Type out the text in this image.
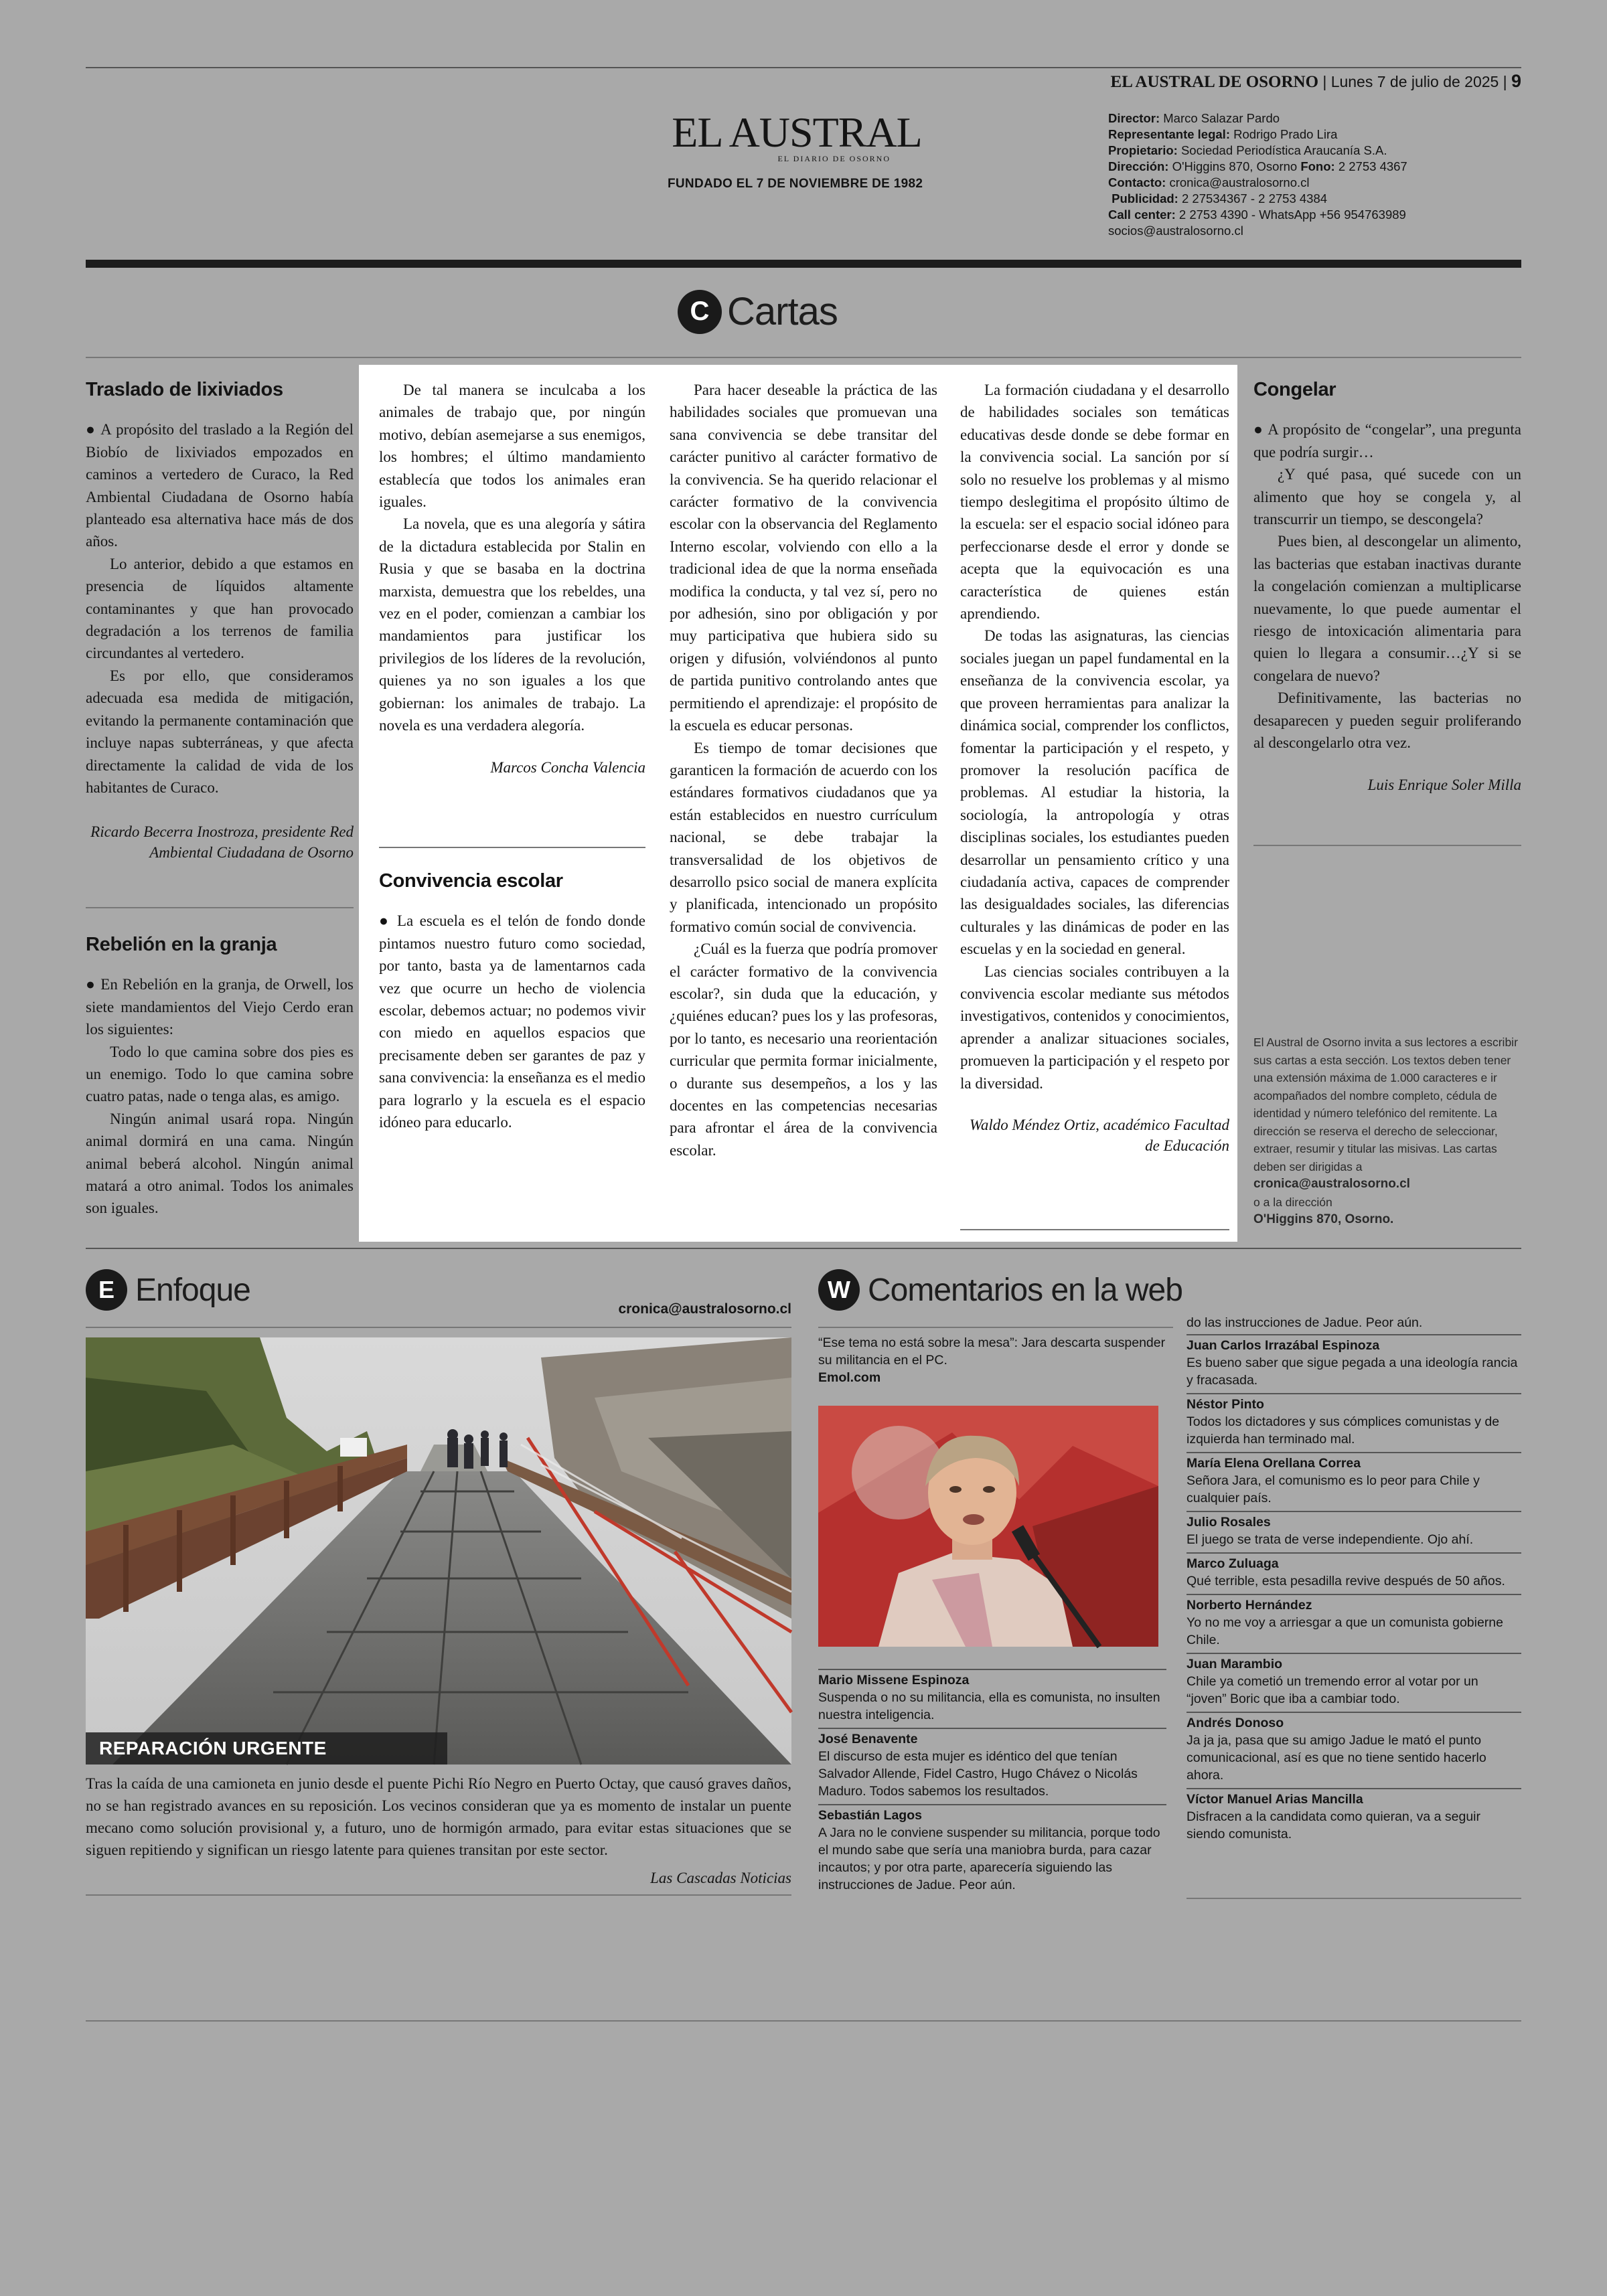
EL AUSTRAL DE OSORNO | Lunes 7 de julio de 2025 | 9
EL AUSTRAL
EL DIARIO DE OSORNO
FUNDADO EL 7 DE NOVIEMBRE DE 1982
Director: Marco Salazar Pardo
Representante legal: Rodrigo Prado Lira
Propietario: Sociedad Periodística Araucanía S.A.
Dirección: O'Higgins 870, Osorno Fono: 2 2753 4367
Contacto: cronica@australosorno.cl
Publicidad: 2 27534367 - 2 2753 4384
Call center: 2 2753 4390 - WhatsApp +56 954763989
socios@australosorno.cl
C Cartas
Traslado de lixiviados

● A propósito del traslado a la Región del Biobío de lixiviados empozados en caminos a vertedero de Curaco, la Red Ambiental Ciudadana de Osorno había planteado esa alternativa hace más de dos años.

Lo anterior, debido a que estamos en presencia de líquidos altamente contaminantes y que han provocado degradación a los terrenos de familia circundantes al vertedero.

Es por ello, que consideramos adecuada esa medida de mitigación, evitando la permanente contaminación que incluye napas subterráneas, y que afecta directamente la calidad de vida de los habitantes de Curaco.

Ricardo Becerra Inostroza, presidente Red Ambiental Ciudadana de Osorno
Rebelión en la granja

● En Rebelión en la granja, de Orwell, los siete mandamientos del Viejo Cerdo eran los siguientes:

Todo lo que camina sobre dos pies es un enemigo. Todo lo que camina sobre cuatro patas, nade o tenga alas, es amigo.

Ningún animal usará ropa. Ningún animal dormirá en una cama. Ningún animal beberá alcohol. Ningún animal matará a otro animal. Todos los animales son iguales.

De tal manera se inculcaba a los animales de trabajo que, por ningún motivo, debían asemejarse a sus enemigos, los hombres; el último mandamiento establecía que todos los animales eran iguales.

La novela, que es una alegoría y sátira de la dictadura establecida por Stalin en Rusia y que se basaba en la doctrina marxista, demuestra que los rebeldes, una vez en el poder, comienzan a cambiar los mandamientos para justificar los privilegios de los líderes de la revolución, quienes ya no son iguales a los que gobiernan: los animales de trabajo. La novela es una verdadera alegoría.

Marcos Concha Valencia
Convivencia escolar

● La escuela es el telón de fondo donde pintamos nuestro futuro como sociedad, por tanto, basta ya de lamentarnos cada vez que ocurre un hecho de violencia escolar, debemos actuar; no podemos vivir con miedo en aquellos espacios que precisamente deben ser garantes de paz y sana convivencia: la enseñanza es el medio para lograrlo y la escuela es el espacio idóneo para educarlo.

Para hacer deseable la práctica de las habilidades sociales que promuevan una sana convivencia se debe transitar del carácter punitivo al carácter formativo de la convivencia. Se ha querido relacionar el carácter formativo de la convivencia escolar con la observancia del Reglamento Interno escolar, volviendo con ello a la tradicional idea de que la norma enseñada modifica la conducta, y tal vez sí, pero no por adhesión, sino por obligación y por muy participativa que hubiera sido su origen y difusión, volviéndonos al punto de partida punitivo controlando antes que permitiendo el aprendizaje: el propósito de la escuela es educar personas.

Es tiempo de tomar decisiones que garanticen la formación de acuerdo con los estándares formativos ciudadanos que ya están establecidos en nuestro currículum nacional, se debe trabajar la transversalidad de los objetivos de desarrollo psico social de manera explícita y planificada, intencionado un propósito formativo común social de convivencia.

¿Cuál es la fuerza que podría promover el carácter formativo de la convivencia escolar?, sin duda que la educación, y ¿quiénes educan? pues los y las profesoras, por lo tanto, es necesario una reorientación curricular que permita formar inicialmente, o durante sus desempeños, a los y las docentes en las competencias necesarias para afrontar el área de la convivencia escolar.

La formación ciudadana y el desarrollo de habilidades sociales son temáticas educativas desde donde se debe formar en la convivencia social. La sanción por sí solo no resuelve los problemas y al mismo tiempo deslegitima el propósito último de la escuela: ser el espacio social idóneo para perfeccionarse desde el error y donde se acepta que la equivocación es una característica de quienes están aprendiendo.

De todas las asignaturas, las ciencias sociales juegan un papel fundamental en la enseñanza de la convivencia escolar, ya que proveen herramientas para analizar la dinámica social, comprender los conflictos, fomentar la participación y el respeto, y promover la resolución pacífica de problemas. Al estudiar la historia, la sociología, la antropología y otras disciplinas sociales, los estudiantes pueden desarrollar un pensamiento crítico y una ciudadanía activa, capaces de comprender las desigualdades sociales, las diferencias culturales y las dinámicas de poder en las escuelas y en la sociedad en general.

Las ciencias sociales contribuyen a la convivencia escolar mediante sus métodos investigativos, contenidos y conocimientos, aprender a analizar situaciones sociales, promueven la participación y el respeto por la diversidad.

Waldo Méndez Ortiz, académico Facultad de Educación
Congelar

● A propósito de “congelar”, una pregunta que podría surgir…

¿Y qué pasa, qué sucede con un alimento que hoy se congela y, al transcurrir un tiempo, se descongela?

Pues bien, al descongelar un alimento, las bacterias que estaban inactivas durante la congelación comienzan a multiplicarse nuevamente, lo que puede aumentar el riesgo de intoxicación alimentaria para quien lo llegara a consumir…¿Y si se congelara de nuevo?

Definitivamente, las bacterias no desaparecen y pueden seguir proliferando al descongelarlo otra vez.

Luis Enrique Soler Milla
El Austral de Osorno invita a sus lectores a escribir sus cartas a esta sección. Los textos deben tener una extensión máxima de 1.000 caracteres e ir acompañados del nombre completo, cédula de identidad y número telefónico del remitente. La dirección se reserva el derecho de seleccionar, extraer, resumir y titular las misivas. Las cartas deben ser dirigidas a
cronica@australosorno.cl
o a la dirección
O'Higgins 870, Osorno.
E Enfoque
cronica@australosorno.cl
REPARACIÓN URGENTE
Tras la caída de una camioneta en junio desde el puente Pichi Río Negro en Puerto Octay, que causó graves daños, no se han registrado avances en su reposición. Los vecinos consideran que ya es momento de instalar un puente mecano como solución provisional y, a futuro, uno de hormigón armado, para evitar estas situaciones que se siguen repitiendo y significan un riesgo latente para quienes transitan por este sector.
Las Cascadas Noticias
W Comentarios en la web
“Ese tema no está sobre la mesa”: Jara descarta suspender su militancia en el PC.
Emol.com
Mario Missene Espinoza
Suspenda o no su militancia, ella es comunista, no insulten nuestra inteligencia.
José Benavente
El discurso de esta mujer es idéntico del que tenían Salvador Allende, Fidel Castro, Hugo Chávez o Nicolás Maduro. Todos sabemos los resultados.
Sebastián Lagos
A Jara no le conviene suspender su militancia, porque todo el mundo sabe que sería una maniobra burda, para cazar incautos; y por otra parte, aparecería siguiendo las instrucciones de Jadue. Peor aún.
do las instrucciones de Jadue. Peor aún.
Juan Carlos Irrazábal Espinoza
Es bueno saber que sigue pegada a una ideología rancia y fracasada.
Néstor Pinto
Todos los dictadores y sus cómplices comunistas y de izquierda han terminado mal.
María Elena Orellana Correa
Señora Jara, el comunismo es lo peor para Chile y cualquier país.
Julio Rosales
El juego se trata de verse independiente. Ojo ahí.
Marco Zuluaga
Qué terrible, esta pesadilla revive después de 50 años.
Norberto Hernández
Yo no me voy a arriesgar a que un comunista gobierne Chile.
Juan Marambio
Chile ya cometió un tremendo error al votar por un “joven” Boric que iba a cambiar todo.
Andrés Donoso
Ja ja ja, pasa que su amigo Jadue le mató el punto comunicacional, así es que no tiene sentido hacerlo ahora.
Víctor Manuel Arias Mancilla
Disfracen a la candidata como quieran, va a seguir siendo comunista.
